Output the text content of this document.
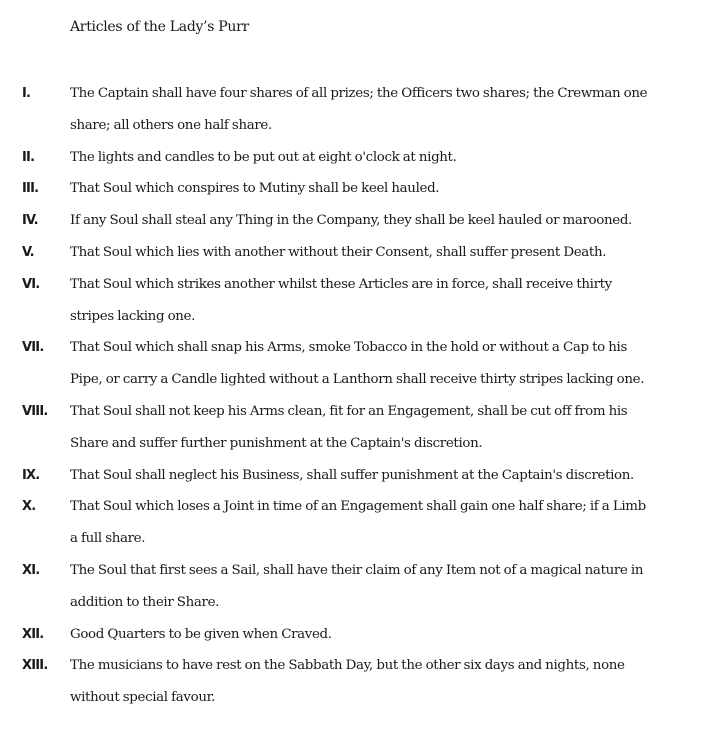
Articles of the Lady’s Purr
I.	The Captain shall have four shares of all prizes; the Officers two shares; the Crewman one share; all others one half share.
II.	The lights and candles to be put out at eight o'clock at night.
III.	That Soul which conspires to Mutiny shall be keel hauled.
IV.	If any Soul shall steal any Thing in the Company, they shall be keel hauled or marooned.
V.	That Soul which lies with another without their Consent, shall suffer present Death.
VI.	That Soul which strikes another whilst these Articles are in force, shall receive thirty stripes lacking one.
VII.	That Soul which shall snap his Arms, smoke Tobacco in the hold or without a Cap to his Pipe, or carry a Candle lighted without a Lanthorn shall receive thirty stripes lacking one.
VIII.	That Soul shall not keep his Arms clean, fit for an Engagement, shall be cut off from his Share and suffer further punishment at the Captain's discretion.
IX.	That Soul shall neglect his Business, shall suffer punishment at the Captain's discretion.
X.	That Soul which loses a Joint in time of an Engagement shall gain one half share; if a Limb a full share.
XI.	The Soul that first sees a Sail, shall have their claim of any Item not of a magical nature in addition to their Share.
XII.	Good Quarters to be given when Craved.
XIII.	The musicians to have rest on the Sabbath Day, but the other six days and nights, none without special favour.
